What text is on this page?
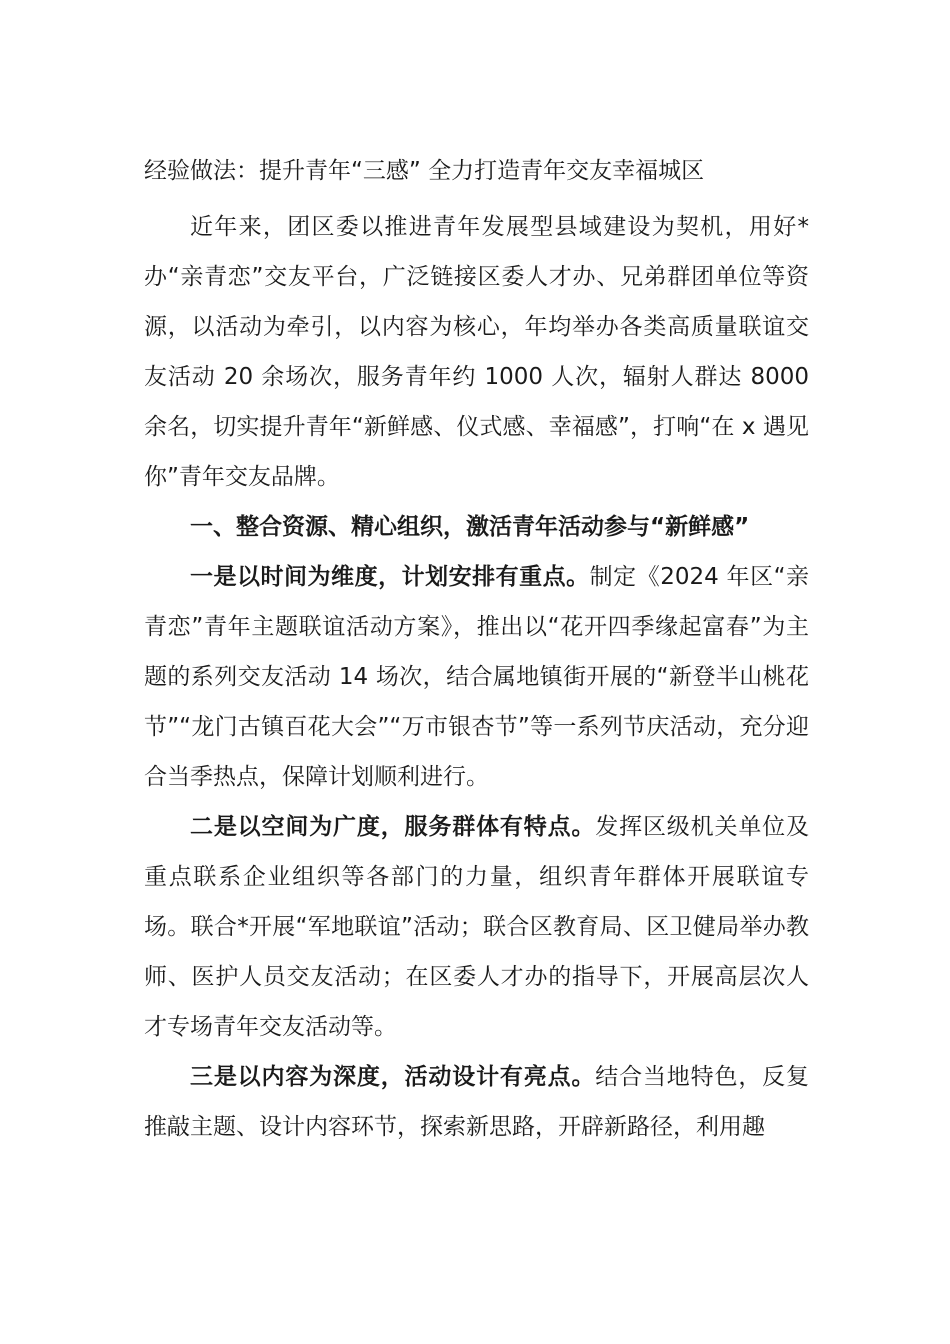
经验做法：提升青年“三感” 全力打造青年交友幸福城区

近年来，团区委以推进青年发展型县域建设为契机，用好*办“亲青恋”交友平台，广泛链接区委人才办、兄弟群团单位等资源，以活动为牵引，以内容为核心，年均举办各类高质量联谊交友活动 20 余场次，服务青年约 1000 人次，辐射人群达 8000 余名，切实提升青年“新鲜感、仪式感、幸福感”，打响“在 x 遇见你”青年交友品牌。

一、整合资源、精心组织，激活青年活动参与“新鲜感”

一是以时间为维度，计划安排有重点。制定《2024 年区“亲青恋”青年主题联谊活动方案》，推出以“花开四季缘起富春”为主题的系列交友活动 14 场次，结合属地镇街开展的“新登半山桃花节”“龙门古镇百花大会”“万市银杏节”等一系列节庆活动，充分迎合当季热点，保障计划顺利进行。

二是以空间为广度，服务群体有特点。发挥区级机关单位及重点联系企业组织等各部门的力量，组织青年群体开展联谊专场。联合*开展“军地联谊”活动；联合区教育局、区卫健局举办教师、医护人员交友活动；在区委人才办的指导下，开展高层次人才专场青年交友活动等。

三是以内容为深度，活动设计有亮点。结合当地特色，反复推敲主题、设计内容环节，探索新思路，开辟新路径，利用趣
